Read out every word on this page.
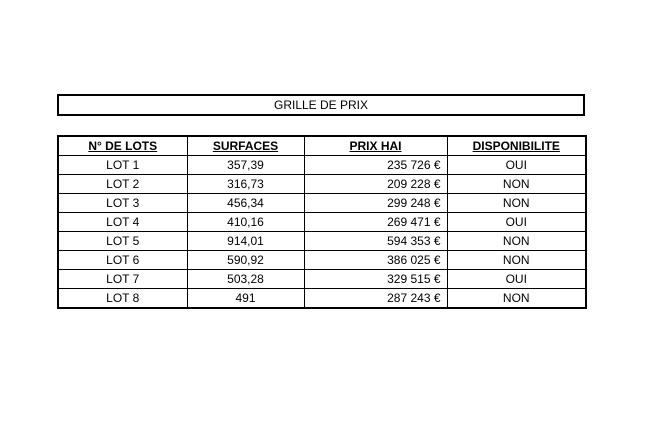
GRILLE DE PRIX
N° DE LOTS	SURFACES	PRIX HAI	DISPONIBILITE
LOT 1	357,39	235 726 €	OUI
LOT 2	316,73	209 228 €	NON
LOT 3	456,34	299 248 €	NON
LOT 4	410,16	269 471 €	OUI
LOT 5	914,01	594 353 €	NON
LOT 6	590,92	386 025 €	NON
LOT 7	503,28	329 515 €	OUI
LOT 8	491	287 243 €	NON
